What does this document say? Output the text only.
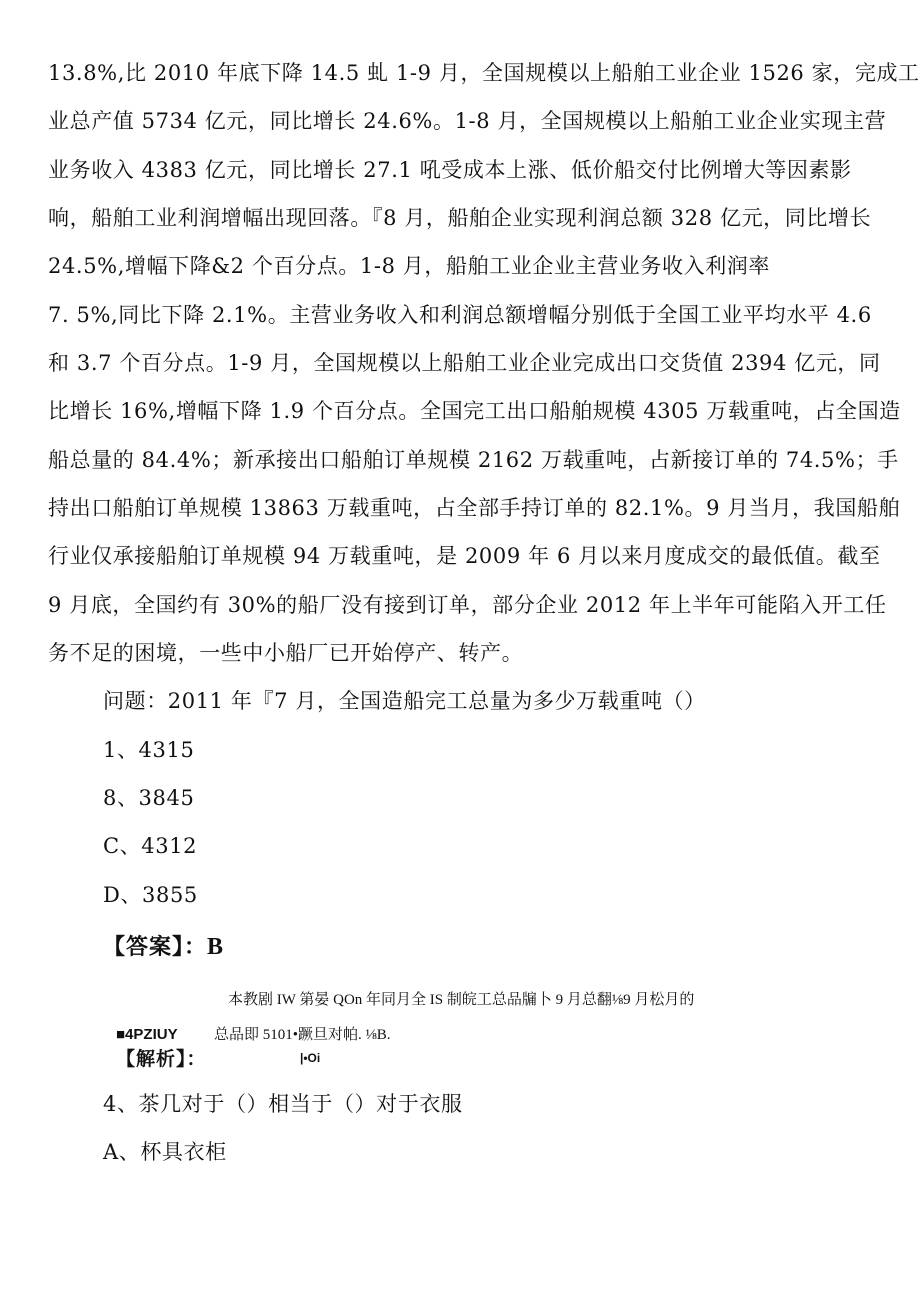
13.8%,比 2010 年底下降 14.5 虬 1-9 月，全国规模以上船舶工业企业 1526 家，完成工
业总产值 5734 亿元，同比增长 24.6%。1-8 月，全国规模以上船舶工业企业实现主营
业务收入 4383 亿元，同比增长 27.1 吼受成本上涨、低价船交付比例增大等因素影
响，船舶工业利润增幅出现回落。『8 月，船舶企业实现利润总额 328 亿元，同比增长
24.5%,增幅下降&2 个百分点。1-8 月，船舶工业企业主营业务收入利润率
7. 5%,同比下降 2.1%。主营业务收入和利润总额增幅分别低于全国工业平均水平 4.6
和 3.7 个百分点。1-9 月，全国规模以上船舶工业企业完成出口交货值 2394 亿元，同
比增长 16%,增幅下降 1.9 个百分点。全国完工出口船舶规模 4305 万载重吨，占全国造
船总量的 84.4%；新承接出口船舶订单规模 2162 万载重吨，占新接订单的 74.5%；手
持出口船舶订单规模 13863 万载重吨，占全部手持订单的 82.1%。9 月当月，我国船舶
行业仅承接船舶订单规模 94 万载重吨，是 2009 年 6 月以来月度成交的最低值。截至
9 月底，全国约有 30%的船厂没有接到订单，部分企业 2012 年上半年可能陷入开工任
务不足的困境，一些中小船厂已开始停产、转产。
问题：2011 年『7 月，全国造船完工总量为多少万载重吨（）
1、4315
8、3845
C、4312
D、3855
【答案】：B
本教剧 IW 第晏 QOn 年同月全 IS 制皖工总品牖卜 9 月总翻⅛9 月松月的
■4PZIUY 总品即 5101•蹶旦对帕. ⅛B.
【解析】：	|•Oi
4、茶几对于（）相当于（）对于衣服
A、杯具衣柜
